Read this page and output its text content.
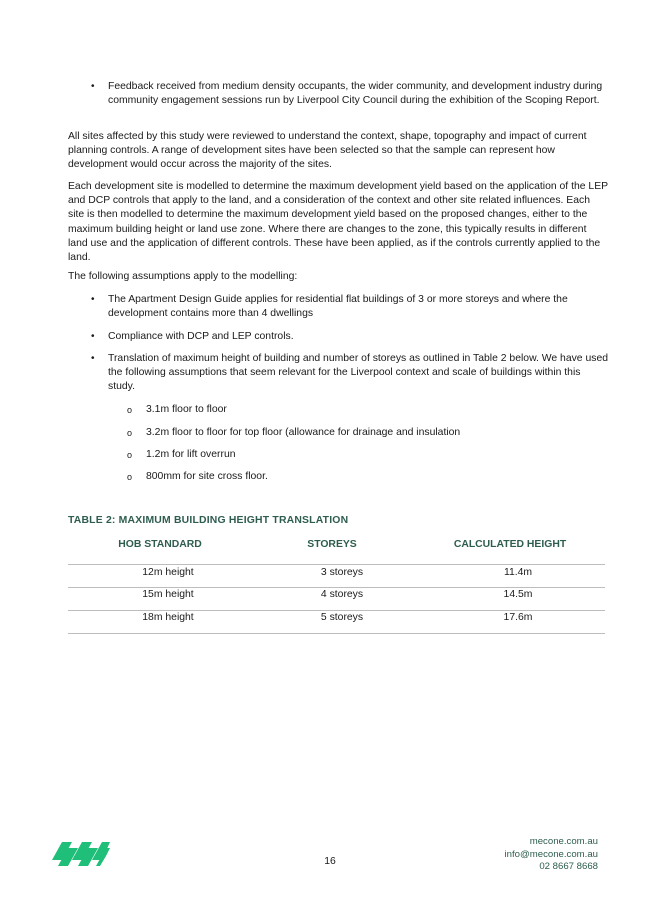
• Feedback received from medium density occupants, the wider community, and development industry during community engagement sessions run by Liverpool City Council during the exhibition of the Scoping Report.
All sites affected by this study were reviewed to understand the context, shape, topography and impact of current planning controls. A range of development sites have been selected so that the sample can represent how development would occur across the majority of the sites.
Each development site is modelled to determine the maximum development yield based on the application of the LEP and DCP controls that apply to the land, and a consideration of the context and other site related influences. Each site is then modelled to determine the maximum development yield based on the proposed changes, either to the maximum building height or land use zone. Where there are changes to the zone, this typically results in different land use and the application of different controls. These have been applied, as if the controls currently applied to the land.
The following assumptions apply to the modelling:
• The Apartment Design Guide applies for residential flat buildings of 3 or more storeys and where the development contains more than 4 dwellings
• Compliance with DCP and LEP controls.
• Translation of maximum height of building and number of storeys as outlined in Table 2 below. We have used the following assumptions that seem relevant for the Liverpool context and scale of buildings within this study.
o 3.1m floor to floor
o 3.2m floor to floor for top floor (allowance for drainage and insulation
o 1.2m for lift overrun
o 800mm for site cross floor.
TABLE 2: MAXIMUM BUILDING HEIGHT TRANSLATION
HOB STANDARD	STOREYS	CALCULATED HEIGHT
12m height	3 storeys	11.4m
15m height	4 storeys	14.5m
18m height	5 storeys	17.6m
16
mecone.com.au
info@mecone.com.au
02 8667 8668
